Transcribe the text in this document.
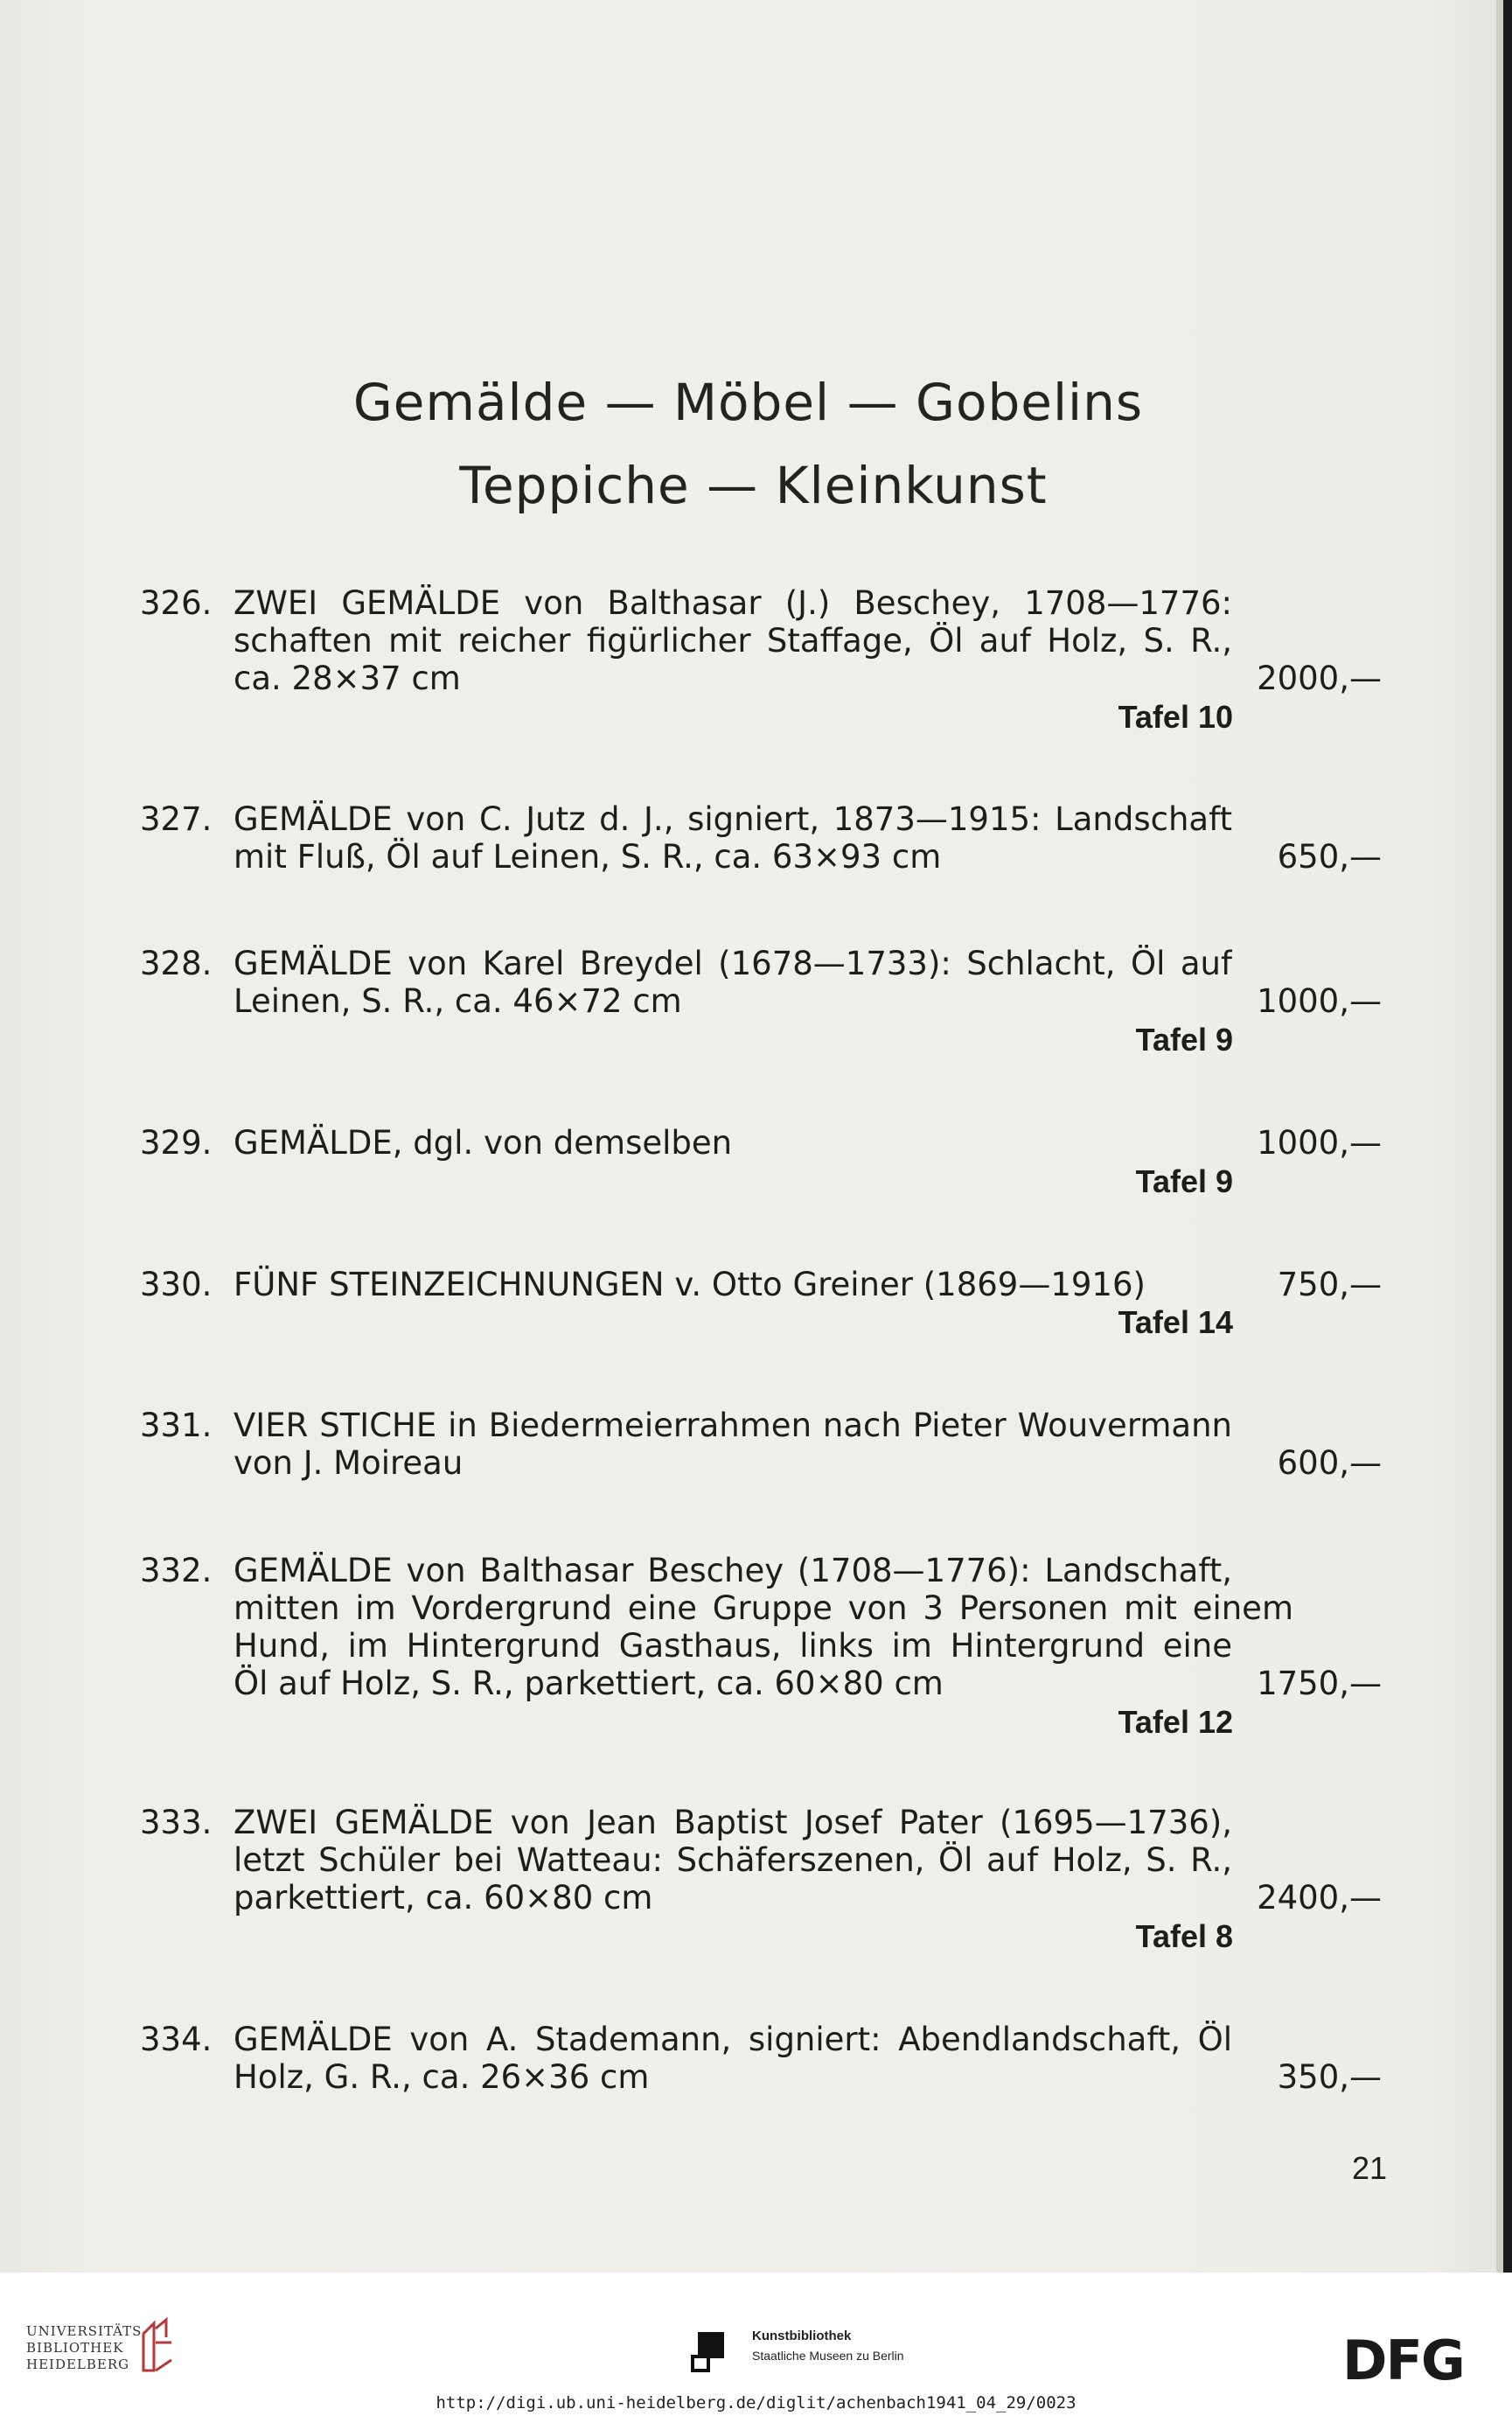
Gemälde — Möbel — Gobelins
Teppiche — Kleinkunst
326. ZWEI GEMÄLDE von Balthasar (J.) Beschey, 1708—1776:
schaften mit reicher figürlicher Staffage, Öl auf Holz, S. R.,
ca. 28×37 cm	2000,—
Tafel 10
327. GEMÄLDE von C. Jutz d. J., signiert, 1873—1915: Landschaft
mit Fluß, Öl auf Leinen, S. R., ca. 63×93 cm	650,—
328. GEMÄLDE von Karel Breydel (1678—1733): Schlacht, Öl auf
Leinen, S. R., ca. 46×72 cm	1000,—
Tafel 9
329. GEMÄLDE, dgl. von demselben	1000,—
Tafel 9
330. FÜNF STEINZEICHNUNGEN v. Otto Greiner (1869—1916)	750,—
Tafel 14
331. VIER STICHE in Biedermeierrahmen nach Pieter Wouvermann
von J. Moireau	600,—
332. GEMÄLDE von Balthasar Beschey (1708—1776): Landschaft,
mitten im Vordergrund eine Gruppe von 3 Personen mit einem
Hund, im Hintergrund Gasthaus, links im Hintergrund eine
Öl auf Holz, S. R., parkettiert, ca. 60×80 cm	1750,—
Tafel 12
333. ZWEI GEMÄLDE von Jean Baptist Josef Pater (1695—1736),
letzt Schüler bei Watteau: Schäferszenen, Öl auf Holz, S. R.,
parkettiert, ca. 60×80 cm	2400,—
Tafel 8
334. GEMÄLDE von A. Stademann, signiert: Abendlandschaft, Öl
Holz, G. R., ca. 26×36 cm	350,—
21
UNIVERSITÄTS-
BIBLIOTHEK
HEIDELBERG
Kunstbibliothek
Staatliche Museen zu Berlin	DFG
http://digi.ub.uni-heidelberg.de/diglit/achenbach1941_04_29/0023
